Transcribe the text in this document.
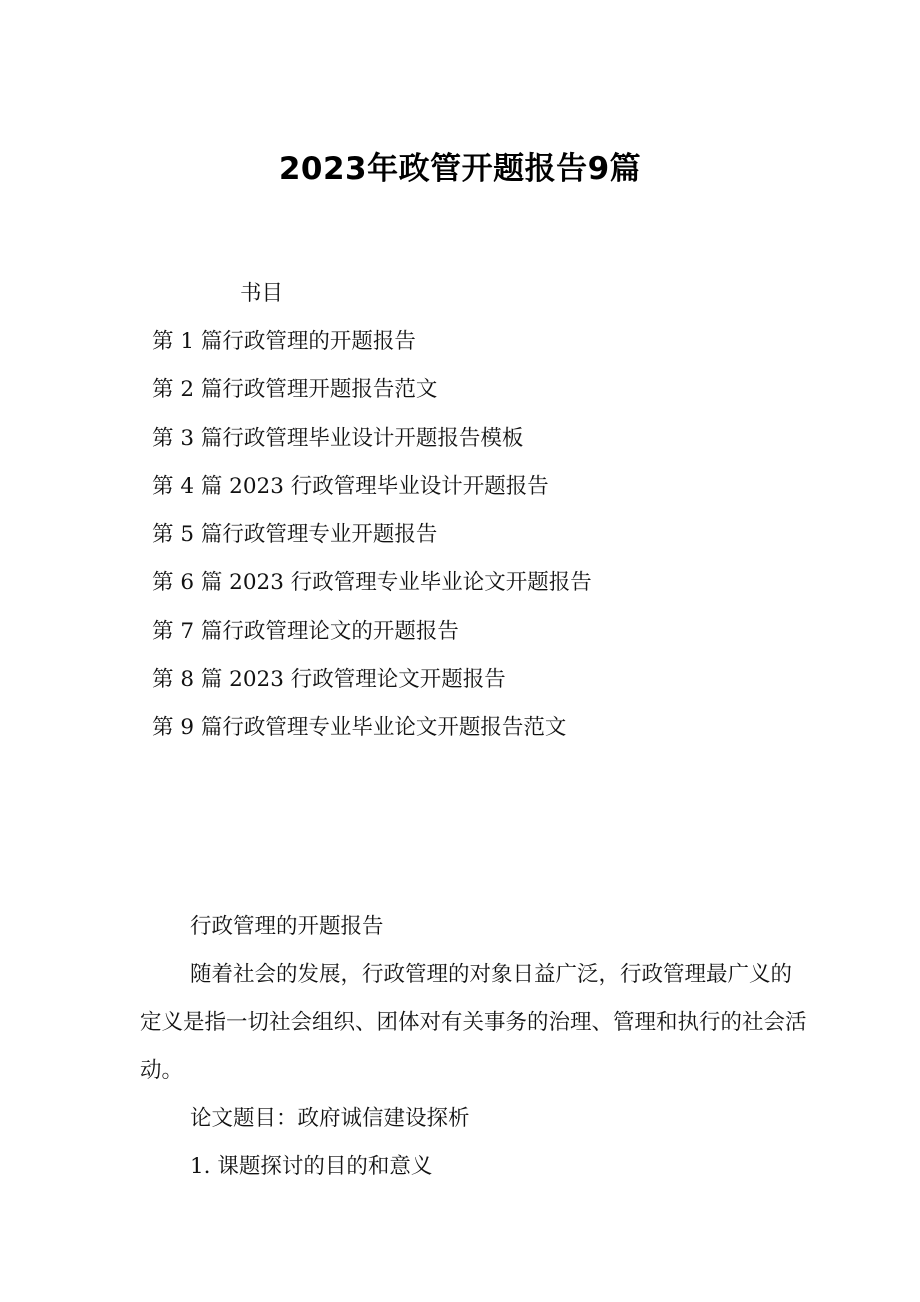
2023年政管开题报告9篇
书目
第 1 篇行政管理的开题报告
第 2 篇行政管理开题报告范文
第 3 篇行政管理毕业设计开题报告模板
第 4 篇 2023 行政管理毕业设计开题报告
第 5 篇行政管理专业开题报告
第 6 篇 2023 行政管理专业毕业论文开题报告
第 7 篇行政管理论文的开题报告
第 8 篇 2023 行政管理论文开题报告
第 9 篇行政管理专业毕业论文开题报告范文

行政管理的开题报告

随着社会的发展，行政管理的对象日益广泛，行政管理最广义的定义是指一切社会组织、团体对有关事务的治理、管理和执行的社会活动。

论文题目：政府诚信建设探析

1. 课题探讨的目的和意义
